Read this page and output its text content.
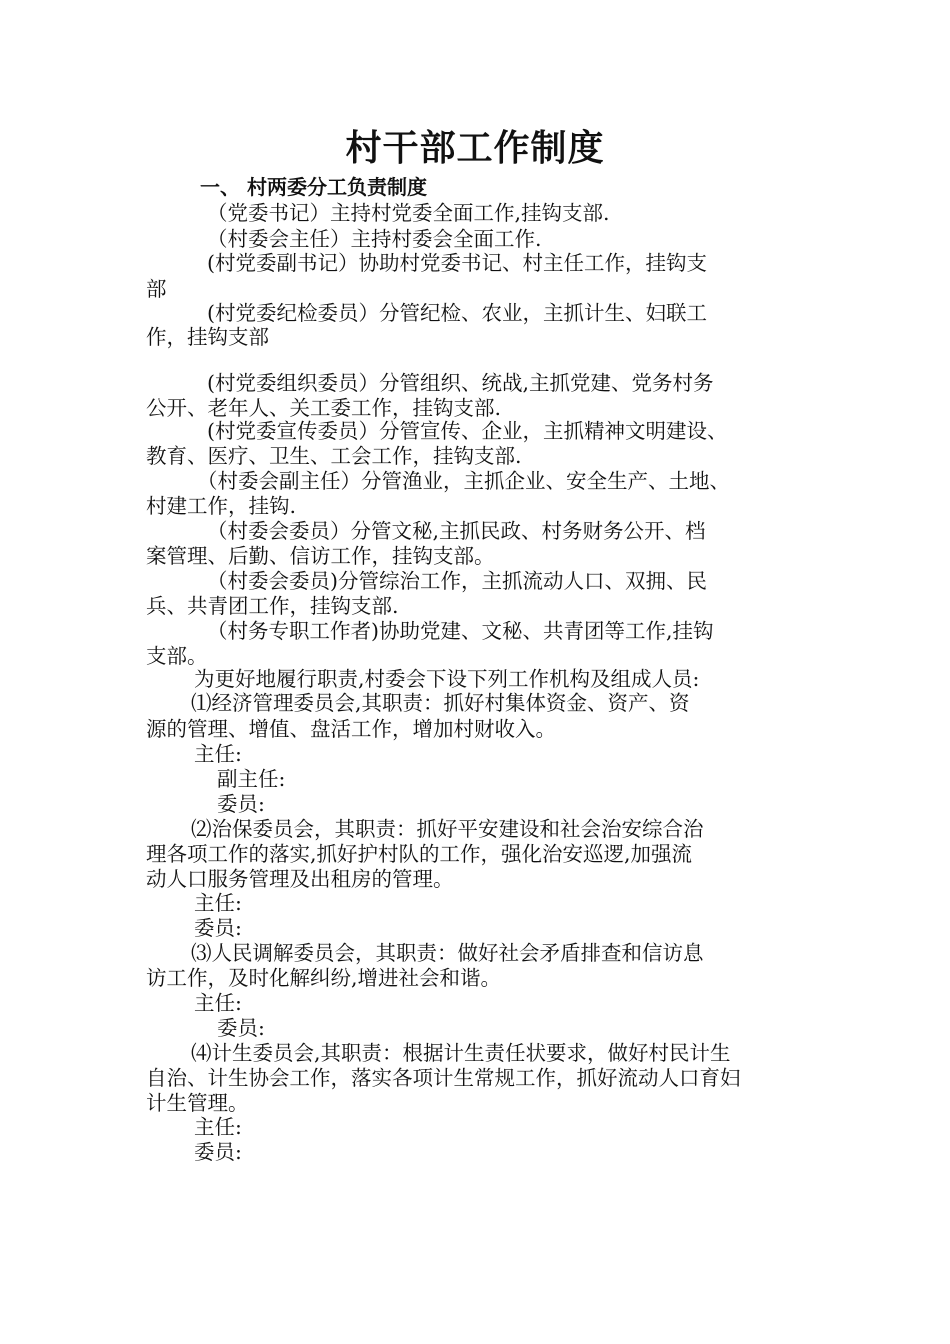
村干部工作制度
一、 村两委分工负责制度
（党委书记）主持村党委全面工作,挂钩支部.
（村委会主任）主持村委会全面工作.
(村党委副书记）协助村党委书记、村主任工作，挂钩支
部
(村党委纪检委员）分管纪检、农业，主抓计生、妇联工
作，挂钩支部
(村党委组织委员）分管组织、统战,主抓党建、党务村务
公开、老年人、关工委工作，挂钩支部.
(村党委宣传委员）分管宣传、企业，主抓精神文明建设、
教育、医疗、卫生、工会工作，挂钩支部.
（村委会副主任）分管渔业，主抓企业、安全生产、土地、
村建工作，挂钩.
（村委会委员）分管文秘,主抓民政、村务财务公开、档
案管理、后勤、信访工作，挂钩支部。
（村委会委员)分管综治工作，主抓流动人口、双拥、民
兵、共青团工作，挂钩支部.
（村务专职工作者)协助党建、文秘、共青团等工作,挂钩
支部。
为更好地履行职责,村委会下设下列工作机构及组成人员:
⑴经济管理委员会,其职责：抓好村集体资金、资产、资
源的管理、增值、盘活工作，增加村财收入。
主任:
副主任:
委员:
⑵治保委员会，其职责：抓好平安建设和社会治安综合治
理各项工作的落实,抓好护村队的工作，强化治安巡逻,加强流
动人口服务管理及出租房的管理。
主任:
委员:
⑶人民调解委员会，其职责：做好社会矛盾排查和信访息
访工作，及时化解纠纷,增进社会和谐。
主任:
委员:
⑷计生委员会,其职责：根据计生责任状要求，做好村民计生
自治、计生协会工作，落实各项计生常规工作，抓好流动人口育妇
计生管理。
主任:
委员:
